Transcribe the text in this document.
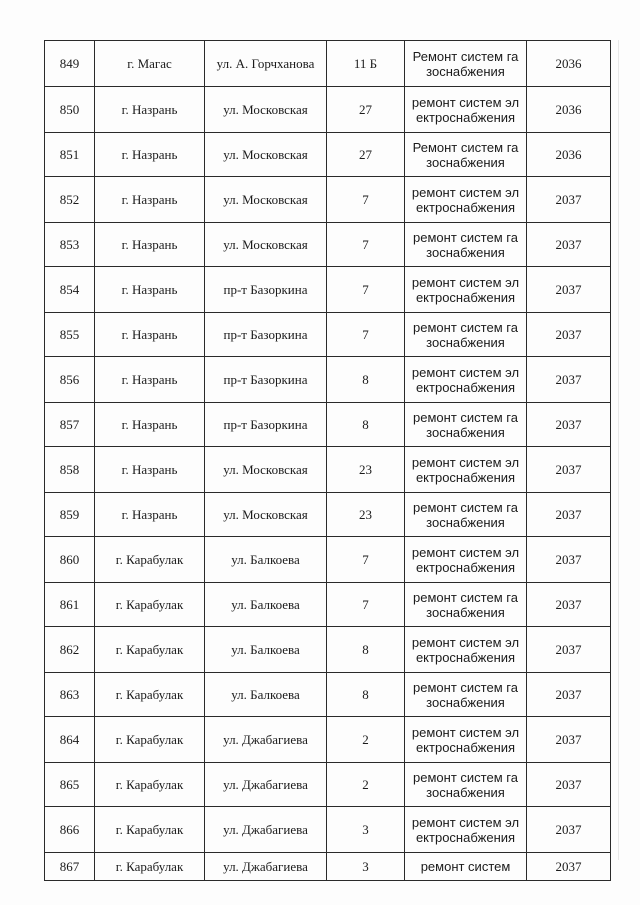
849	г. Магас	ул. А. Горчханова	11 Б	Ремонт систем газоснабжения	2036
850	г. Назрань	ул. Московская	27	ремонт систем электроснабжения	2036
851	г. Назрань	ул. Московская	27	Ремонт систем газоснабжения	2036
852	г. Назрань	ул. Московская	7	ремонт систем электроснабжения	2037
853	г. Назрань	ул. Московская	7	ремонт систем газоснабжения	2037
854	г. Назрань	пр-т Базоркина	7	ремонт систем электроснабжения	2037
855	г. Назрань	пр-т Базоркина	7	ремонт систем газоснабжения	2037
856	г. Назрань	пр-т Базоркина	8	ремонт систем электроснабжения	2037
857	г. Назрань	пр-т Базоркина	8	ремонт систем газоснабжения	2037
858	г. Назрань	ул. Московская	23	ремонт систем электроснабжения	2037
859	г. Назрань	ул. Московская	23	ремонт систем газоснабжения	2037
860	г. Карабулак	ул. Балкоева	7	ремонт систем электроснабжения	2037
861	г. Карабулак	ул. Балкоева	7	ремонт систем газоснабжения	2037
862	г. Карабулак	ул. Балкоева	8	ремонт систем электроснабжения	2037
863	г. Карабулак	ул. Балкоева	8	ремонт систем газоснабжения	2037
864	г. Карабулак	ул. Джабагиева	2	ремонт систем электроснабжения	2037
865	г. Карабулак	ул. Джабагиева	2	ремонт систем газоснабжения	2037
866	г. Карабулак	ул. Джабагиева	3	ремонт систем электроснабжения	2037
867	г. Карабулак	ул. Джабагиева	3	ремонт систем	2037
